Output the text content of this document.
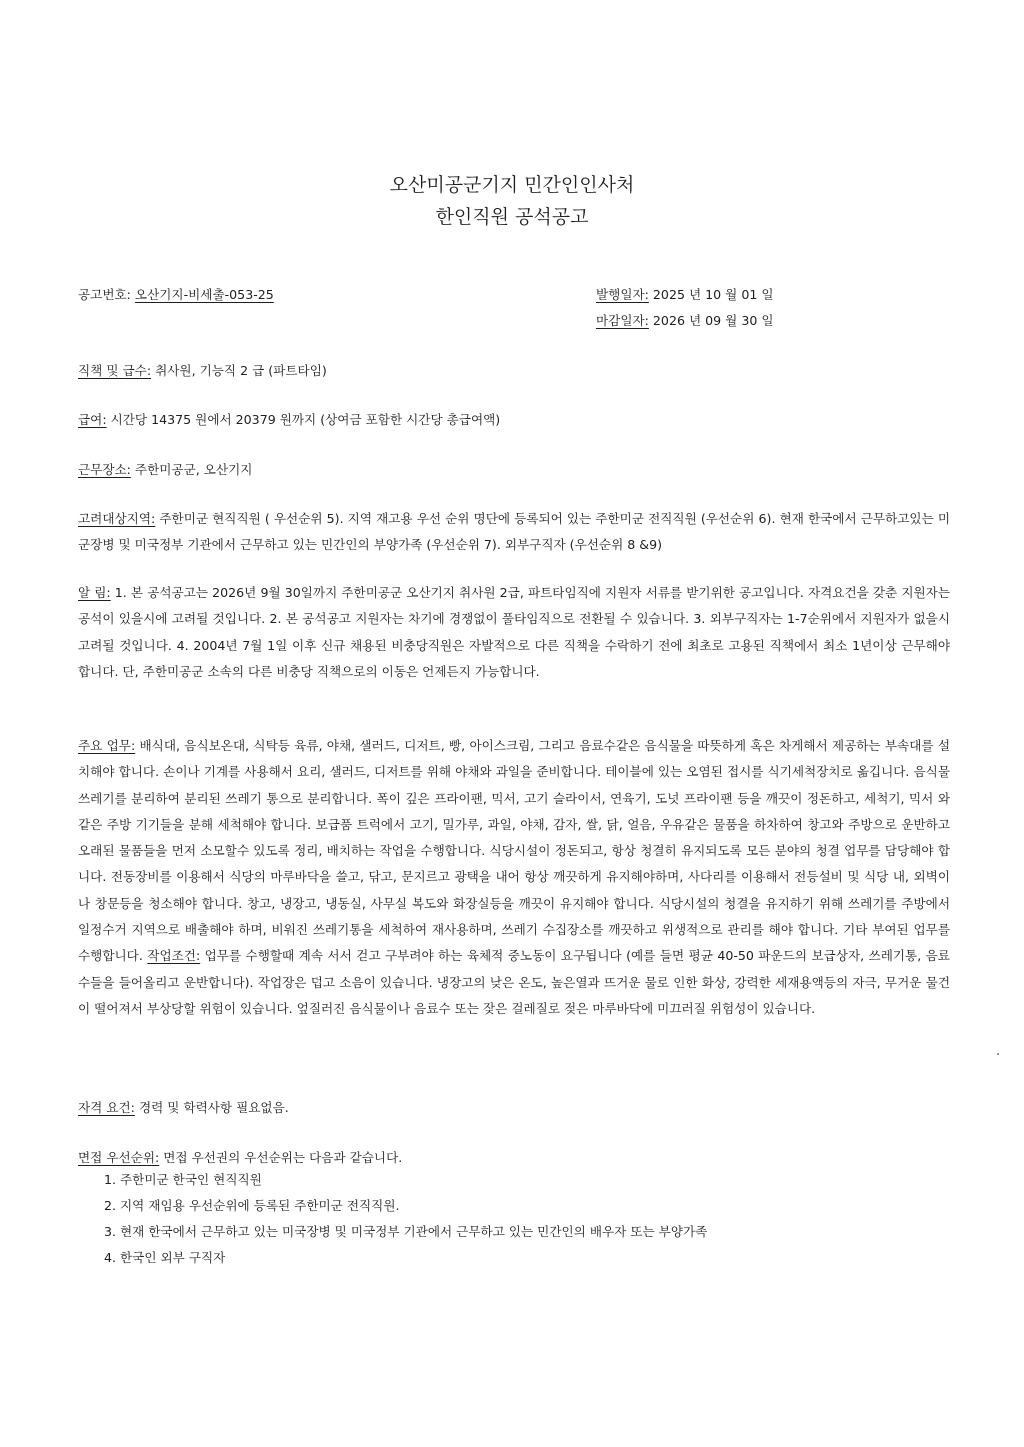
오산미공군기지 민간인인사처
한인직원 공석공고
공고번호: 오산기지-비세출-053-25	발행일자: 2025 년 10 월 01 일
마감일자: 2026 년 09 월 30 일
직책 및 급수: 취사원, 기능직 2 급 (파트타임)
급여: 시간당 14375 원에서 20379 원까지 (상여금 포함한 시간당 총급여액)
근무장소: 주한미공군, 오산기지
고려대상지역: 주한미군 현직직원 ( 우선순위 5). 지역 재고용 우선 순위 명단에 등록되어 있는 주한미군 전직직원 (우선순위 6). 현재 한국에서 근무하고있는 미군장병 및 미국정부 기관에서 근무하고 있는 민간인의 부양가족 (우선순위 7). 외부구직자 (우선순위 8 &9)
알 림: 1. 본 공석공고는 2026년 9월 30일까지 주한미공군 오산기지 취사원 2급, 파트타임직에 지원자 서류를 받기위한 공고입니다. 자격요건을 갖춘 지원자는 공석이 있을시에 고려될 것입니다. 2. 본 공석공고 지원자는 차기에 경쟁없이 풀타임직으로 전환될 수 있습니다. 3. 외부구직자는 1-7순위에서 지원자가 없을시 고려될 것입니다. 4. 2004년 7월 1일 이후 신규 채용된 비충당직원은 자발적으로 다른 직책을 수락하기 전에 최초로 고용된 직책에서 최소 1년이상 근무해야 합니다. 단, 주한미공군 소속의 다른 비충당 직책으로의 이동은 언제든지 가능합니다.
주요 업무: 배식대, 음식보온대, 식탁등 육류, 야채, 샐러드, 디저트, 빵, 아이스크림, 그리고 음료수같은 음식물을 따뜻하게 혹은 차게해서 제공하는 부속대를 설치해야 합니다. 손이나 기계를 사용해서 요리, 샐러드, 디저트를 위해 야채와 과일을 준비합니다. 테이블에 있는 오염된 접시를 식기세척장치로 옮깁니다. 음식물 쓰레기를 분리하여 분리된 쓰레기 통으로 분리합니다. 폭이 깊은 프라이팬, 믹서, 고기 슬라이서, 연육기, 도넛 프라이팬 등을 깨끗이 정돈하고, 세척기, 믹서 와 같은 주방 기기들을 분해 세척해야 합니다. 보급품 트럭에서 고기, 밀가루, 과일, 야채, 감자, 쌀, 닭, 얼음, 우유같은 물품을 하차하여 창고와 주방으로 운반하고 오래된 물품들을 먼저 소모할수 있도록 정리, 배치하는 작업을 수행합니다. 식당시설이 정돈되고, 항상 청결히 유지되도록 모든 분야의 청결 업무를 담당해야 합니다. 전동장비를 이용해서 식당의 마루바닥을 쓸고, 닦고, 문지르고 광택을 내어 항상 깨끗하게 유지해야하며, 사다리를 이용해서 전등설비 및 식당 내, 외벽이나 창문등을 청소해야 합니다. 창고, 냉장고, 냉동실, 사무실 복도와 화장실등을 깨끗이 유지해야 합니다. 식당시설의 청결을 유지하기 위해 쓰레기를 주방에서 일정수거 지역으로 배출해야 하며, 비워진 쓰레기통을 세척하여 재사용하며, 쓰레기 수집장소를 깨끗하고 위생적으로 관리를 해야 합니다. 기타 부여된 업무를 수행합니다. 작업조건: 업무를 수행할때 계속 서서 걷고 구부려야 하는 육체적 중노동이 요구됩니다 (예를 들면 평균 40-50 파운드의 보급상자, 쓰레기통, 음료수들을 들어올리고 운반합니다). 작업장은 덥고 소음이 있습니다. 냉장고의 낮은 온도, 높은열과 뜨거운 물로 인한 화상, 강력한 세재용액등의 자극, 무거운 물건이 떨어져서 부상당할 위험이 있습니다. 엎질러진 음식물이나 음료수 또는 잦은 걸레질로 젖은 마루바닥에 미끄러질 위험성이 있습니다.
자격 요건: 경력 및 학력사항 필요없음.
면접 우선순위: 면접 우선권의 우선순위는 다음과 같습니다.
1. 주한미군 한국인 현직직원
2. 지역 재임용 우선순위에 등록된 주한미군 전직직원.
3. 현재 한국에서 근무하고 있는 미국장병 및 미국정부 기관에서 근무하고 있는 민간인의 배우자 또는 부양가족
4. 한국인 외부 구직자
